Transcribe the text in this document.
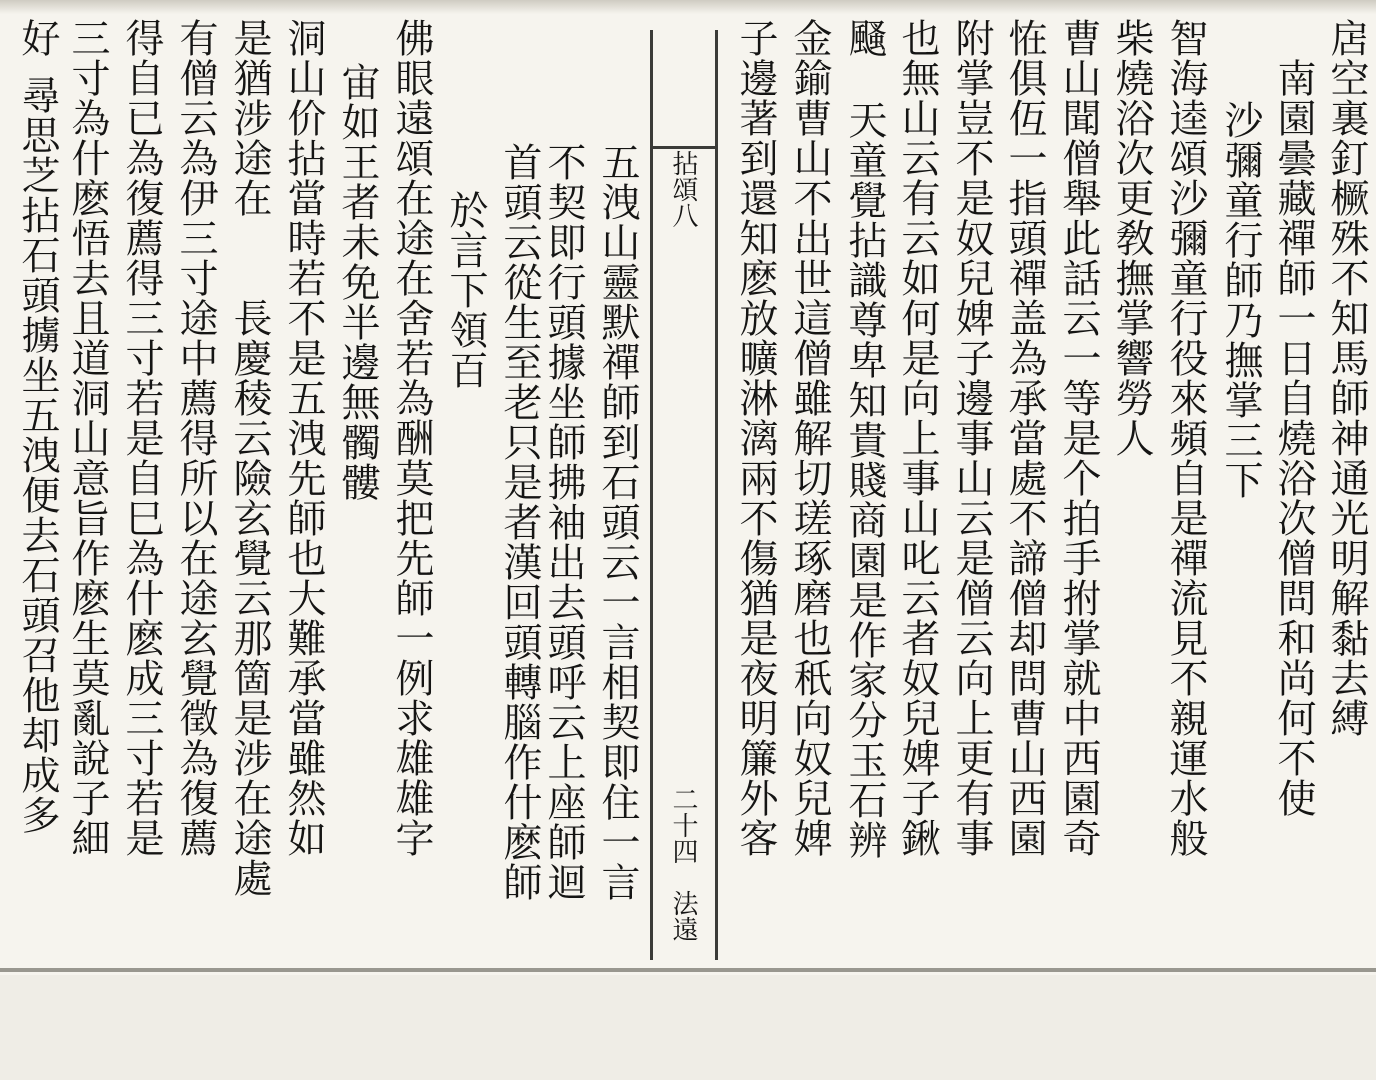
扂空裏釘橛殊不知馬師神通光明解黏去縛
南園曇藏禪師一日自燒浴次僧問和尚何不使
沙彌童行師乃撫掌三下
智海逵頌沙彌童行役來頻自是禪流見不親運水般
柴燒浴次更敎撫掌響勞人
曹山聞僧舉此話云一等是个拍手拊掌就中西園奇
恠俱仾一指頭禪盖為承當處不諦僧却問曹山西園
附掌豈不是奴兒婢子邊事山云是僧云向上更有事
也無山云有云如何是向上事山叱云者奴兒婢子鍬
颾
天童覺拈識尊卑知貴賤商園是作家分玉石辨
金鍮曹山不出世這僧雖解切瑳琢磨也秖向奴兒婢
子邊著到還知麽放曠淋漓兩不傷猶是夜明簾外客
拈頌八
二十四
法遠
五洩山靈默禪師到石頭云一言相契即住一言
不契即行頭據坐師拂袖出去頭呼云上座師迴
首頭云從生至老只是者漢回頭轉腦作什麽師
於言下領百
佛眼遠頌在途在舍若為酬莫把先師一例求雄雄字
宙如王者未免半邊無髑髏
洞山价拈當時若不是五洩先師也大難承當雖然如
是猶涉途在　　長慶稜云險玄覺云那箇是涉在途處
有僧云為伊三寸途中薦得所以在途玄覺徵為復薦
得自已為復薦得三寸若是自巳為什麽成三寸若是
三寸為什麽悟去且道洞山意旨作麽生莫亂說子細
尋思芝拈石頭擄坐五洩便去石頭召他却成多
好
